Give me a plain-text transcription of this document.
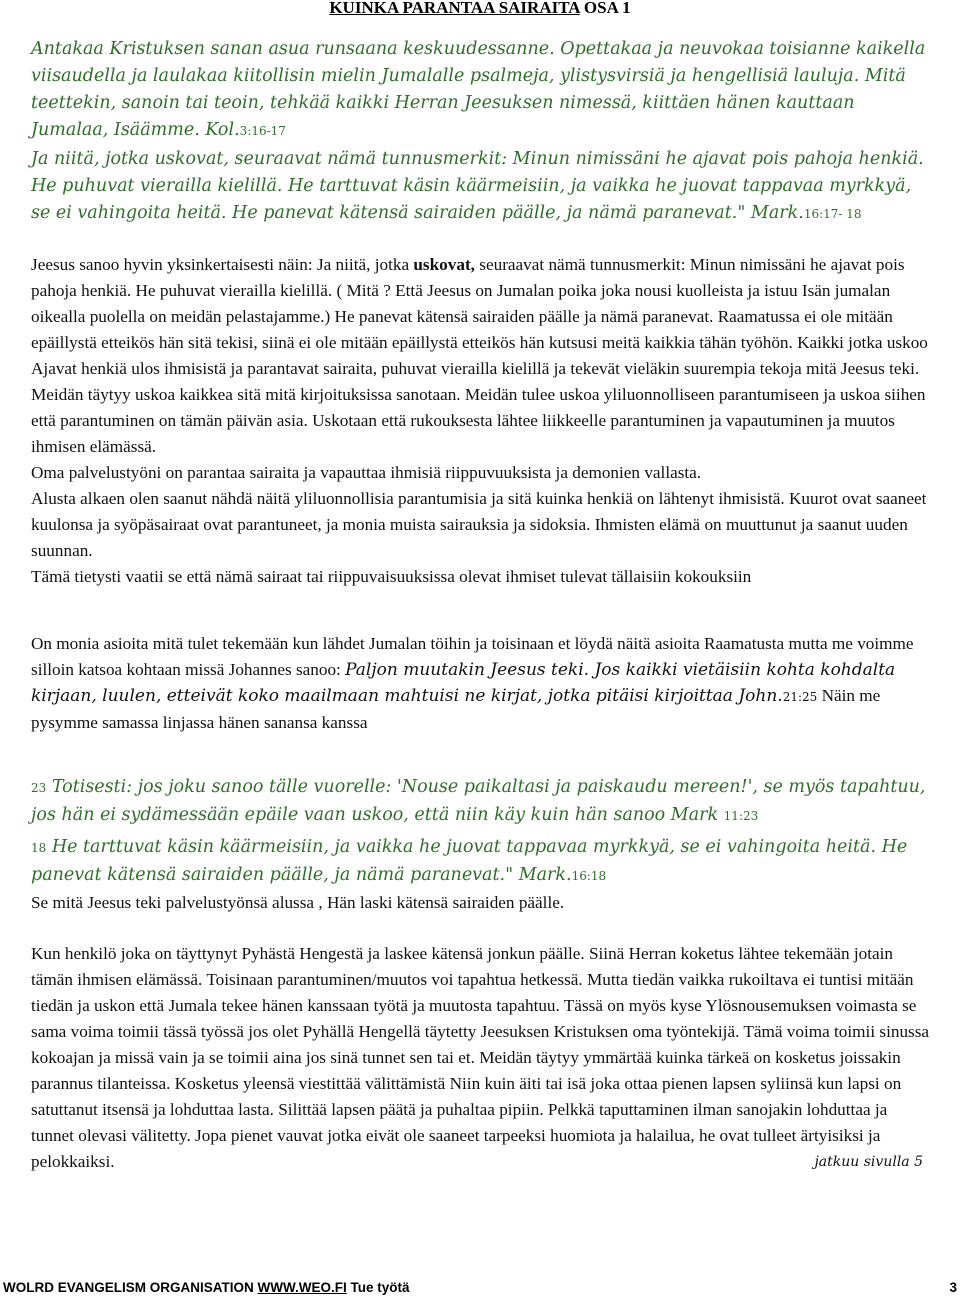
KUINKA PARANTAA SAIRAITA OSA 1

Antakaa Kristuksen sanan asua runsaana keskuudessanne. Opettakaa ja neuvokaa toisianne kaikella viisaudella ja laulakaa kiitollisin mielin Jumalalle psalmeja, ylistysvirsiä ja hengellisiä lauluja. Mitä teettekin, sanoin tai teoin, tehkää kaikki Herran Jeesuksen nimessä, kiittäen hänen kauttaan Jumalaa, Isäämme. Kol.3:16-17

Ja niitä, jotka uskovat, seuraavat nämä tunnusmerkit: Minun nimissäni he ajavat pois pahoja henkiä. He puhuvat vierailla kielillä. He tarttuvat käsin käärmeisiin, ja vaikka he juovat tappavaa myrkkyä, se ei vahingoita heitä. He panevat kätensä sairaiden päälle, ja nämä paranevat." Mark.16:17- 18

Jeesus sanoo hyvin yksinkertaisesti näin: Ja niitä, jotka uskovat, seuraavat nämä tunnusmerkit: Minun nimissäni he ajavat pois pahoja henkiä. He puhuvat vierailla kielillä. ( Mitä ? Että Jeesus on Jumalan poika joka nousi kuolleista ja istuu Isän jumalan oikealla puolella on meidän pelastajamme.) He panevat kätensä sairaiden päälle ja nämä paranevat. Raamatussa ei ole mitään epäillystä etteikös hän sitä tekisi, siinä ei ole mitään epäillystä etteikös hän kutsusi meitä kaikkia tähän työhön. Kaikki jotka uskoo Ajavat henkiä ulos ihmisistä ja parantavat sairaita, puhuvat vierailla kielillä ja tekevät vieläkin suurempia tekoja mitä Jeesus teki. Meidän täytyy uskoa kaikkea sitä mitä kirjoituksissa sanotaan. Meidän tulee uskoa yliluonnolliseen parantumiseen ja uskoa siihen että parantuminen on tämän päivän asia. Uskotaan että rukouksesta lähtee liikkeelle parantuminen ja vapautuminen ja muutos ihmisen elämässä.

Oma palvelustyöni on parantaa sairaita ja vapauttaa ihmisiä riippuvuuksista ja demonien vallasta.

Alusta alkaen olen saanut nähdä näitä yliluonnollisia parantumisia ja sitä kuinka henkiä on lähtenyt ihmisistä. Kuurot ovat saaneet kuulonsa ja syöpäsairaat ovat parantuneet, ja monia muista sairauksia ja sidoksia. Ihmisten elämä on muuttunut ja saanut uuden suunnan.

Tämä tietysti vaatii se että nämä sairaat tai riippuvaisuuksissa olevat ihmiset tulevat tällaisiin kokouksiin

On monia asioita mitä tulet tekemään kun lähdet Jumalan töihin ja toisinaan et löydä näitä asioita Raamatusta mutta me voimme silloin katsoa kohtaan missä Johannes sanoo: Paljon muutakin Jeesus teki. Jos kaikki vietäisiin kohta kohdalta kirjaan, luulen, etteivät koko maailmaan mahtuisi ne kirjat, jotka pitäisi kirjoittaa John.21:25 Näin me pysymme samassa linjassa hänen sanansa kanssa

23 Totisesti: jos joku sanoo tälle vuorelle: 'Nouse paikaltasi ja paiskaudu mereen!', se myös tapahtuu, jos hän ei sydämessään epäile vaan uskoo, että niin käy kuin hän sanoo Mark 11:23

18 He tarttuvat käsin käärmeisiin, ja vaikka he juovat tappavaa myrkkyä, se ei vahingoita heitä. He panevat kätensä sairaiden päälle, ja nämä paranevat." Mark.16:18

Se mitä Jeesus teki palvelustyönsä alussa , Hän laski kätensä sairaiden päälle.

Kun henkilö joka on täyttynyt Pyhästä Hengestä ja laskee kätensä jonkun päälle. Siinä Herran koketus lähtee tekemään jotain tämän ihmisen elämässä. Toisinaan parantuminen/muutos voi tapahtua hetkessä. Mutta tiedän vaikka rukoiltava ei tuntisi mitään tiedän ja uskon että Jumala tekee hänen kanssaan työtä ja muutosta tapahtuu. Tässä on myös kyse Ylösnousemuksen voimasta se sama voima toimii tässä työssä jos olet Pyhällä Hengellä täytetty Jeesuksen Kristuksen oma työntekijä. Tämä voima toimii sinussa kokoajan ja missä vain ja se toimii aina jos sinä tunnet sen tai et. Meidän täytyy ymmärtää kuinka tärkeä on kosketus joissakin parannus tilanteissa. Kosketus yleensä viestittää välittämistä Niin kuin äiti tai isä joka ottaa pienen lapsen syliinsä kun lapsi on satuttanut itsensä ja lohduttaa lasta. Silittää lapsen päätä ja puhaltaa pipiin. Pelkkä taputtaminen ilman sanojakin lohduttaa ja tunnet olevasi välitetty. Jopa pienet vauvat jotka eivät ole saaneet tarpeeksi huomiota ja halailua, he ovat tulleet ärtyisiksi ja pelokkaiksi.	jatkuu sivulla 5

WOLRD EVANGELISM ORGANISATION WWW.WEO.FI Tue työtä	3
